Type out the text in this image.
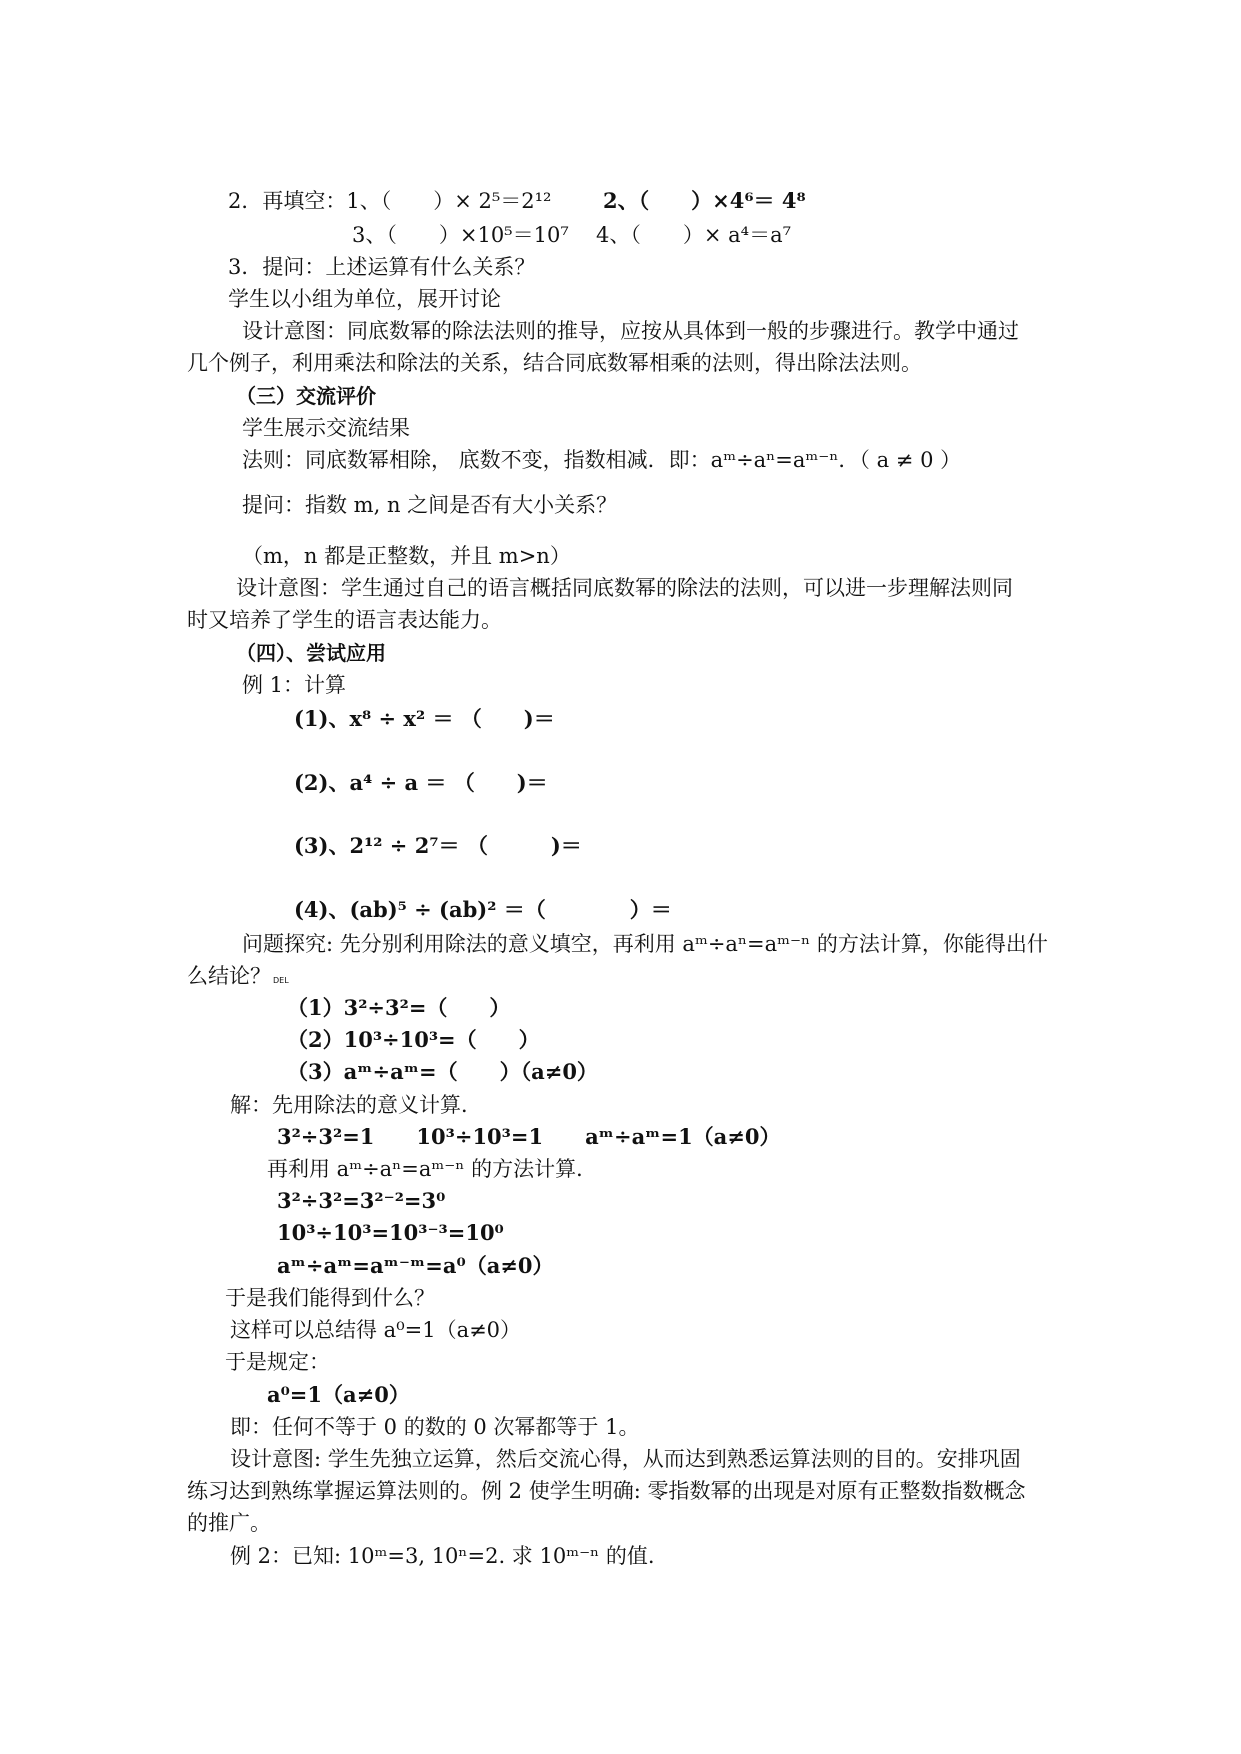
2．再填空：1、（　　）× 2⁵＝2¹² 2、（　　）×4⁶＝ 4⁸
3、（　　）×10⁵＝10⁷ 4、（　　）× a⁴＝a⁷
3．提问：上述运算有什么关系？
学生以小组为单位，展开讨论
设计意图：同底数幂的除法法则的推导，应按从具体到一般的步骤进行。教学中通过
几个例子，利用乘法和除法的关系，结合同底数幂相乘的法则，得出除法法则。
（三）交流评价
学生展示交流结果
法则：同底数幂相除， 底数不变，指数相减．即：aᵐ÷aⁿ=aᵐ⁻ⁿ．（ a ≠ 0 ）
提问：指数 m, n 之间是否有大小关系？
（m，n 都是正整数，并且 m>n）
设计意图：学生通过自己的语言概括同底数幂的除法的法则，可以进一步理解法则同
时又培养了学生的语言表达能力。
（四）、尝试应用
例 1：计算
(1)、x⁸ ÷ x² ＝ （　　)＝
(2)、a⁴ ÷ a ＝ （　　)＝
(3)、2¹² ÷ 2⁷＝ （　　　)＝
(4)、(ab)⁵ ÷ (ab)² ＝（　　　　）＝
问题探究: 先分别利用除法的意义填空，再利用 aᵐ÷aⁿ=aᵐ⁻ⁿ 的方法计算，你能得出什
么结论？ DEL
（1）3²÷3²=（　　）
（2）10³÷10³=（　　）
（3）aᵐ÷aᵐ=（　　）（a≠0）
解：先用除法的意义计算．
3²÷3²=1　　10³÷10³=1　　aᵐ÷aᵐ=1（a≠0）
再利用 aᵐ÷aⁿ=aᵐ⁻ⁿ 的方法计算．
3²÷3²=3²⁻²=3⁰
10³÷10³=10³⁻³=10⁰
aᵐ÷aᵐ=aᵐ⁻ᵐ=a⁰（a≠0）
于是我们能得到什么？
这样可以总结得 a⁰=1（a≠0）
于是规定：
a⁰=1（a≠0）
即：任何不等于 0 的数的 0 次幂都等于 1。
设计意图: 学生先独立运算，然后交流心得，从而达到熟悉运算法则的目的。安排巩固
练习达到熟练掌握运算法则的。例 2 使学生明确: 零指数幂的出现是对原有正整数指数概念
的推广。
例 2：已知: 10ᵐ=3, 10ⁿ=2. 求 10ᵐ⁻ⁿ 的值.
